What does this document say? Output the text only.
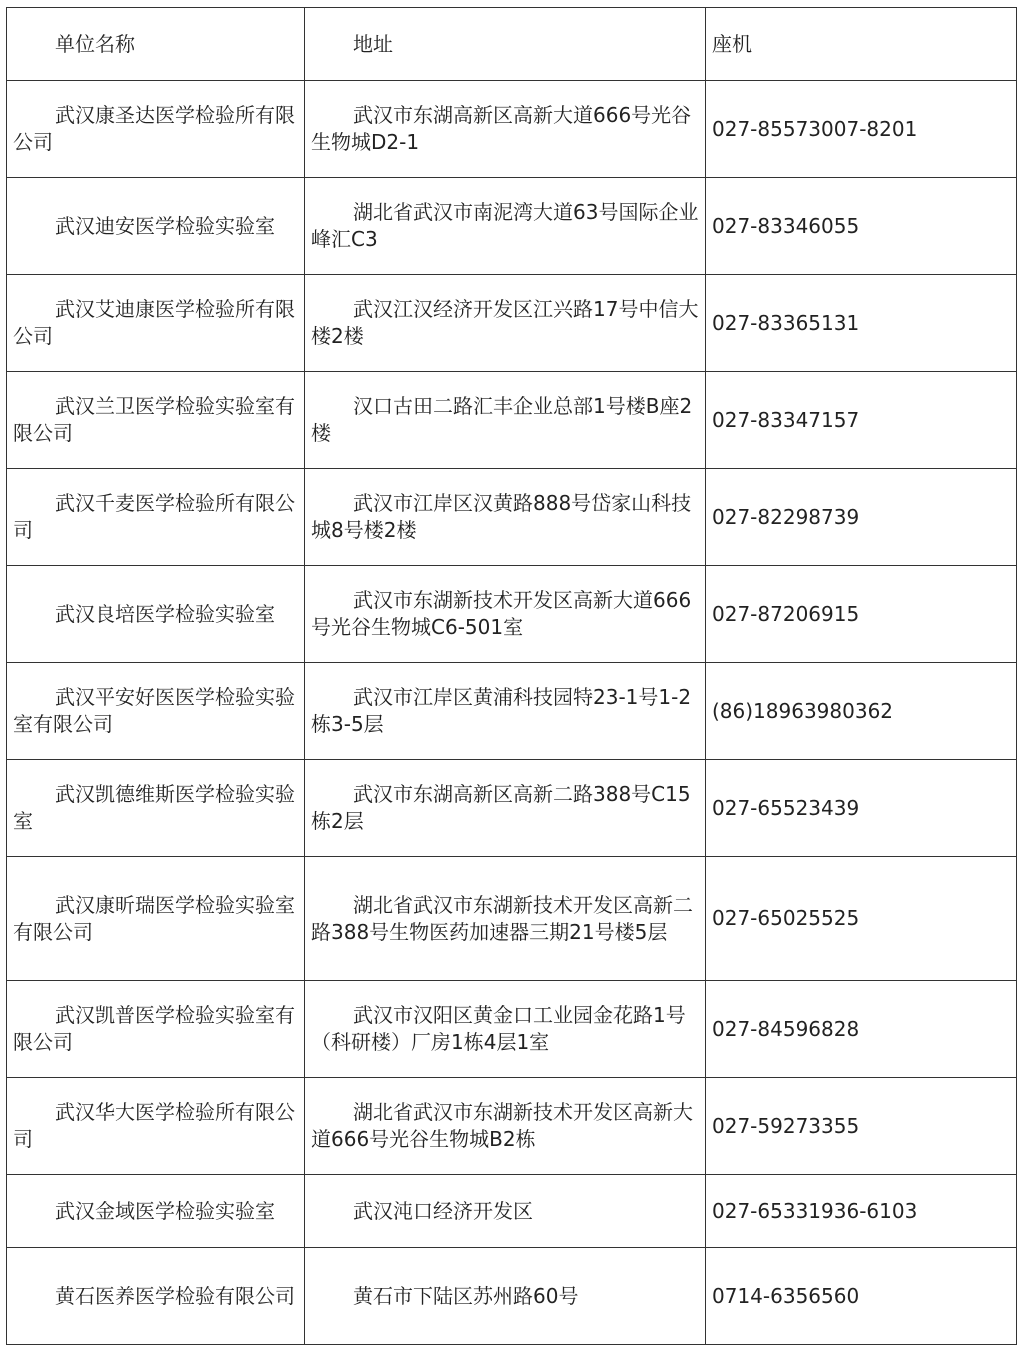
单位名称	地址	座机
武汉康圣达医学检验所有限公司	武汉市东湖高新区高新大道666号光谷生物城D2-1	027-85573007-8201
武汉迪安医学检验实验室	湖北省武汉市南泥湾大道63号国际企业峰汇C3	027-83346055
武汉艾迪康医学检验所有限公司	武汉江汉经济开发区江兴路17号中信大楼2楼	027-83365131
武汉兰卫医学检验实验室有限公司	汉口古田二路汇丰企业总部1号楼B座2楼	027-83347157
武汉千麦医学检验所有限公司	武汉市江岸区汉黄路888号岱家山科技城8号楼2楼	027-82298739
武汉良培医学检验实验室	武汉市东湖新技术开发区高新大道666号光谷生物城C6-501室	027-87206915
武汉平安好医医学检验实验室有限公司	武汉市江岸区黄浦科技园特23-1号1-2栋3-5层	(86)18963980362
武汉凯德维斯医学检验实验室	武汉市东湖高新区高新二路388号C15栋2层	027-65523439
武汉康昕瑞医学检验实验室有限公司	湖北省武汉市东湖新技术开发区高新二路388号生物医药加速器三期21号楼5层	027-65025525
武汉凯普医学检验实验室有限公司	武汉市汉阳区黄金口工业园金花路1号（科研楼）厂房1栋4层1室	027-84596828
武汉华大医学检验所有限公司	湖北省武汉市东湖新技术开发区高新大道666号光谷生物城B2栋	027-59273355
武汉金域医学检验实验室	武汉沌口经济开发区	027-65331936-6103
黄石医养医学检验有限公司	黄石市下陆区苏州路60号	0714-6356560
